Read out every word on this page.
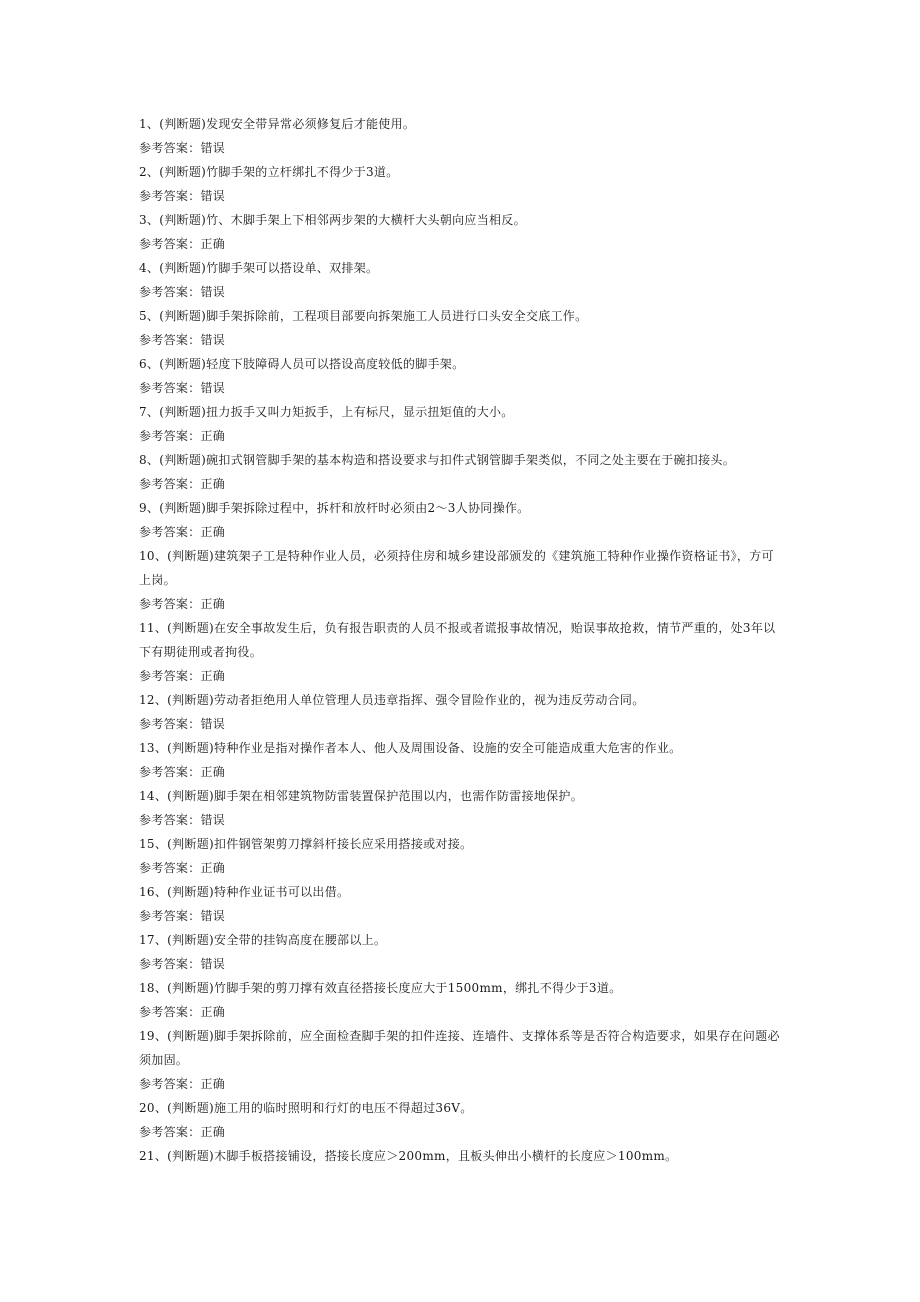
1、(判断题)发现安全带异常必须修复后才能使用。

参考答案：错误

2、(判断题)竹脚手架的立杆绑扎不得少于3道。

参考答案：错误

3、(判断题)竹、木脚手架上下相邻两步架的大横杆大头朝向应当相反。

参考答案：正确

4、(判断题)竹脚手架可以搭设单、双排架。

参考答案：错误

5、(判断题)脚手架拆除前，工程项目部要向拆架施工人员进行口头安全交底工作。

参考答案：错误

6、(判断题)轻度下肢障碍人员可以搭设高度较低的脚手架。

参考答案：错误

7、(判断题)扭力扳手又叫力矩扳手，上有标尺，显示扭矩值的大小。

参考答案：正确

8、(判断题)碗扣式钢管脚手架的基本构造和搭设要求与扣件式钢管脚手架类似，不同之处主要在于碗扣接头。

参考答案：正确

9、(判断题)脚手架拆除过程中，拆杆和放杆时必须由2～3人协同操作。

参考答案：正确

10、(判断题)建筑架子工是特种作业人员，必须持住房和城乡建设部颁发的《建筑施工特种作业操作资格证书》，方可上岗。

参考答案：正确

11、(判断题)在安全事故发生后，负有报告职责的人员不报或者谎报事故情况，贻误事故抢救，情节严重的，处3年以下有期徒刑或者拘役。

参考答案：正确

12、(判断题)劳动者拒绝用人单位管理人员违章指挥、强令冒险作业的，视为违反劳动合同。

参考答案：错误

13、(判断题)特种作业是指对操作者本人、他人及周围设备、设施的安全可能造成重大危害的作业。

参考答案：正确

14、(判断题)脚手架在相邻建筑物防雷装置保护范围以内，也需作防雷接地保护。

参考答案：错误

15、(判断题)扣件钢管架剪刀撑斜杆接长应采用搭接或对接。

参考答案：正确

16、(判断题)特种作业证书可以出借。

参考答案：错误

17、(判断题)安全带的挂钩高度在腰部以上。

参考答案：错误

18、(判断题)竹脚手架的剪刀撑有效直径搭接长度应大于1500mm，绑扎不得少于3道。

参考答案：正确

19、(判断题)脚手架拆除前，应全面检查脚手架的扣件连接、连墙件、支撑体系等是否符合构造要求，如果存在问题必须加固。

参考答案：正确

20、(判断题)施工用的临时照明和行灯的电压不得超过36V。

参考答案：正确

21、(判断题)木脚手板搭接铺设，搭接长度应＞200mm，且板头伸出小横杆的长度应＞100mm。
